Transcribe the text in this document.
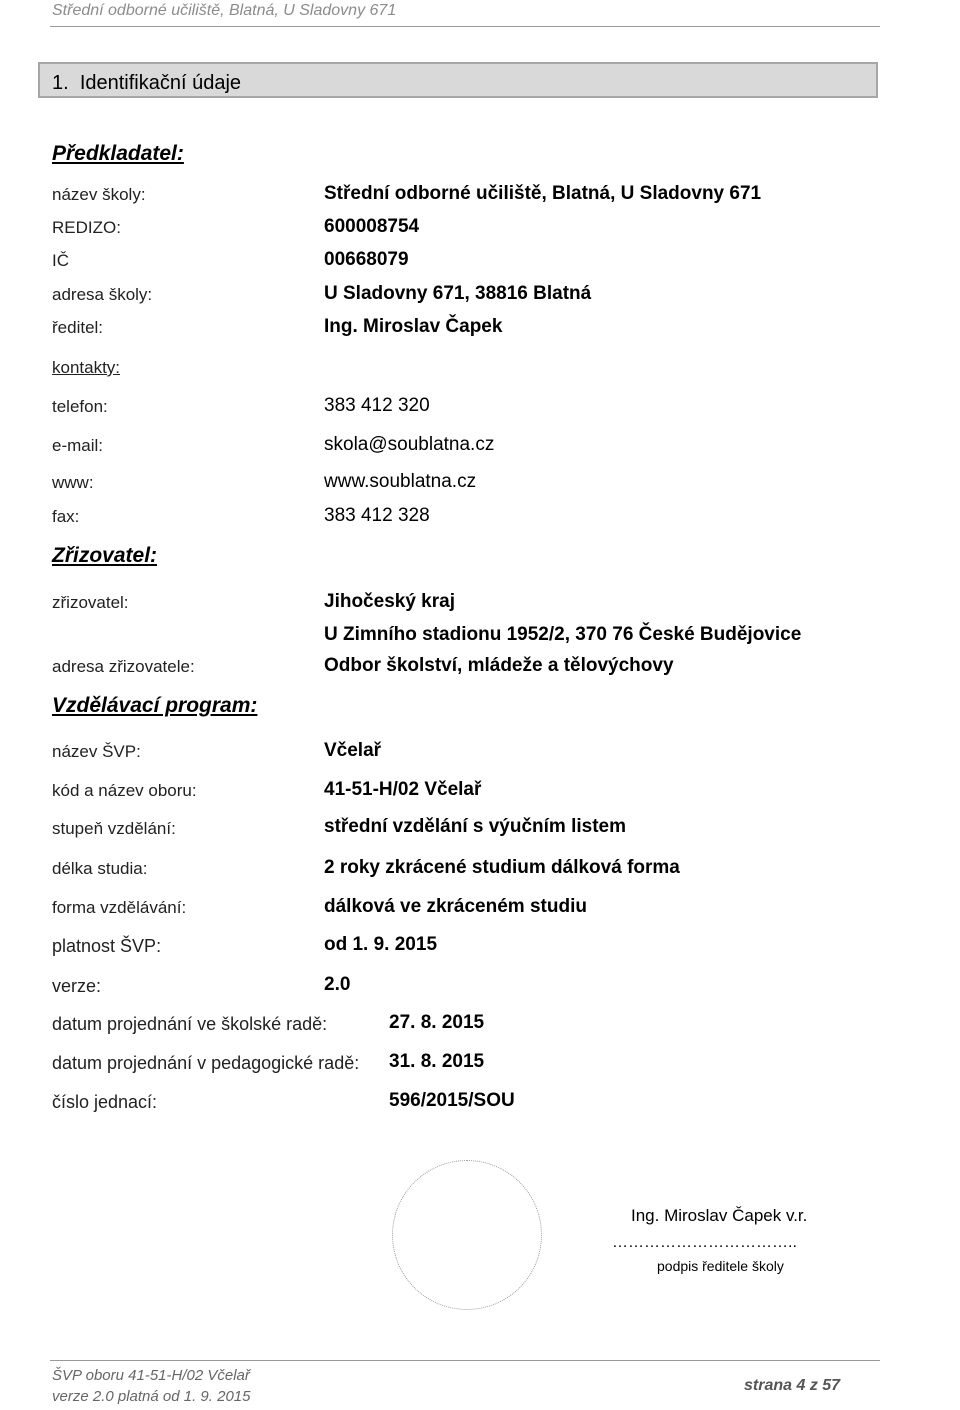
Střední odborné učiliště, Blatná, U Sladovny 671
1. Identifikační údaje
Předkladatel:
název školy:	Střední odborné učiliště, Blatná, U Sladovny 671
REDIZO:	600008754
IČ	00668079
adresa školy:	U Sladovny 671, 38816 Blatná
ředitel:	Ing. Miroslav Čapek
kontakty:
telefon:	383 412 320
e-mail:	skola@soublatna.cz
www:	www.soublatna.cz
fax:	383 412 328
Zřizovatel:
zřizovatel:	Jihočeský kraj
U Zimního stadionu 1952/2, 370 76 České Budějovice
adresa zřizovatele:	Odbor školství, mládeže a tělovýchovy
Vzdělávací program:
název ŠVP:	Včelař
kód a název oboru:	41-51-H/02 Včelař
stupeň vzdělání:	střední vzdělání s výučním listem
délka studia:	2 roky zkrácené studium dálková forma
forma vzdělávání:	dálková ve zkráceném studiu
platnost ŠVP:	od 1. 9. 2015
verze:	2.0
datum projednání ve školské radě:	27. 8. 2015
datum projednání v pedagogické radě: 31. 8. 2015
číslo jednací:	596/2015/SOU
Ing. Miroslav Čapek v.r.
……………………………..
podpis ředitele školy
ŠVP oboru 41-51-H/02 Včelař
verze 2.0 platná od 1. 9. 2015
strana 4 z 57
